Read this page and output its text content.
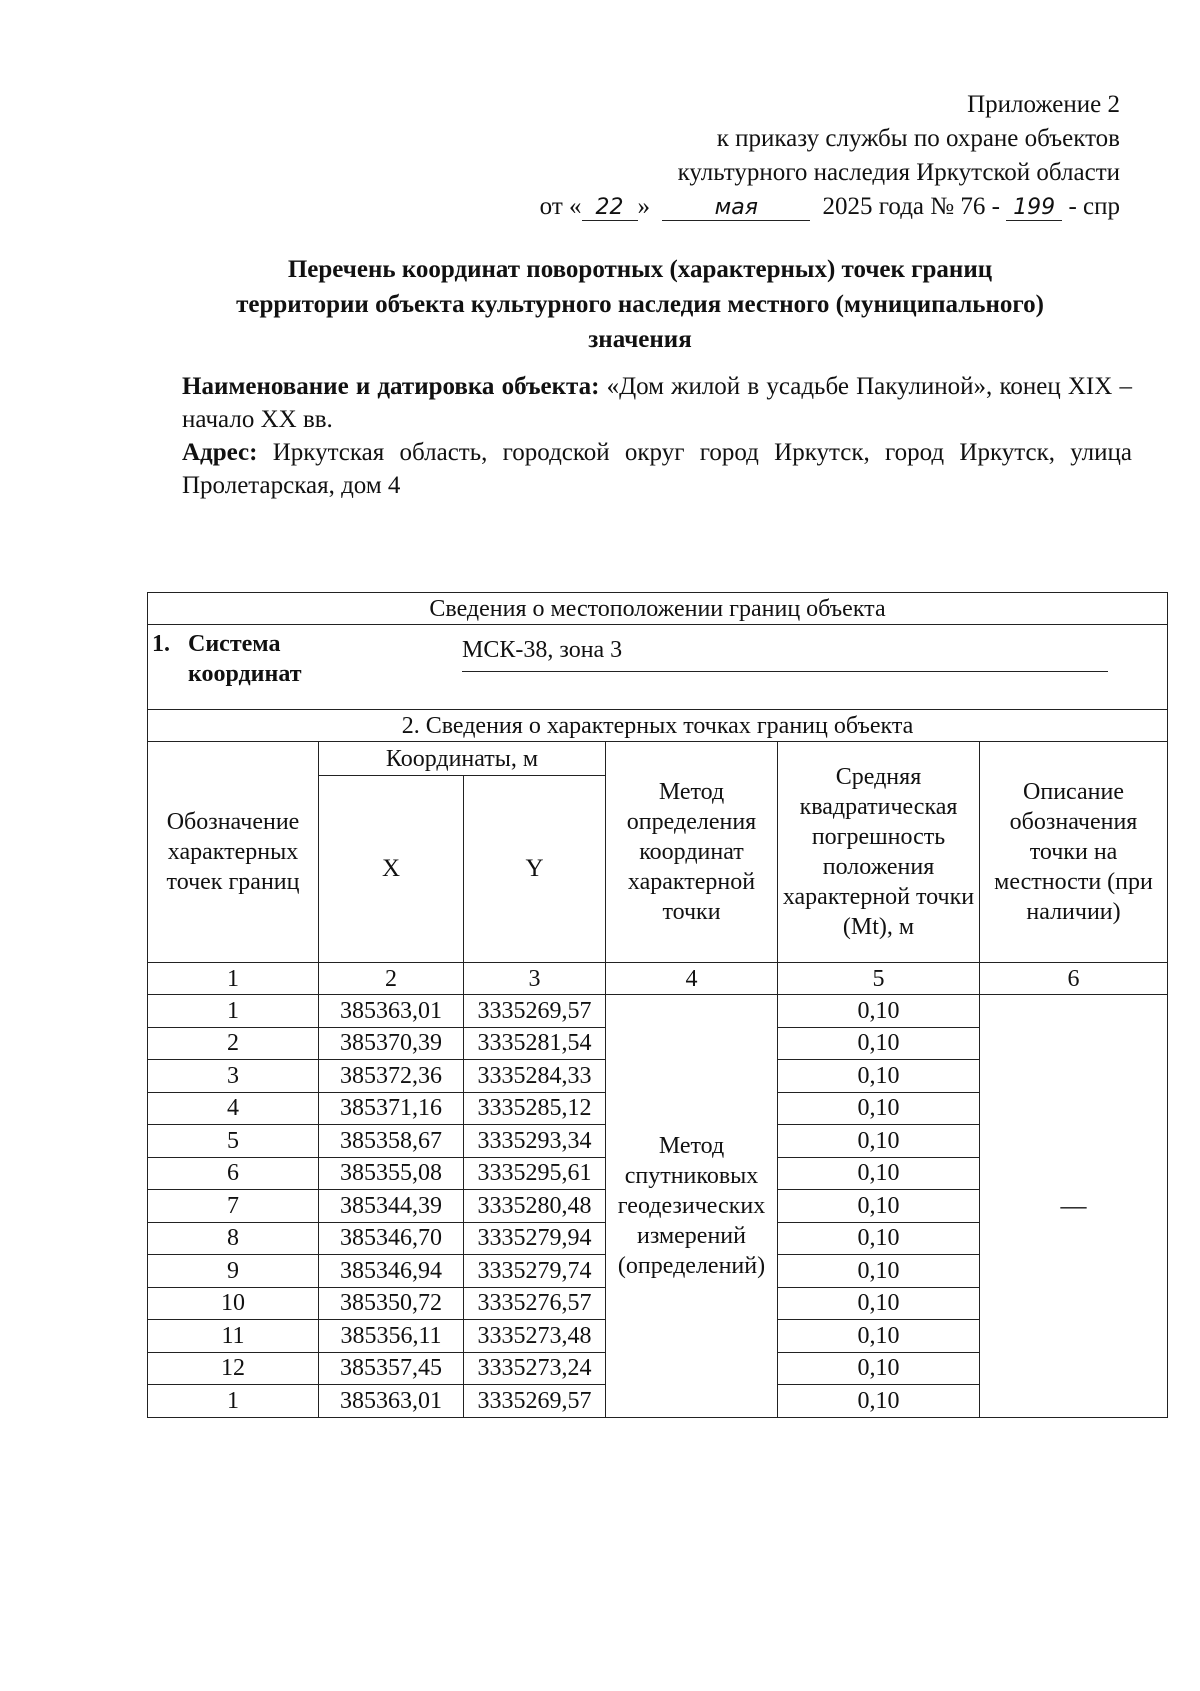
Приложение 2
к приказу службы по охране объектов
культурного наследия Иркутской области
от « 22 »	мая	2025 года № 76 - 199 - спр
Перечень координат поворотных (характерных) точек границ
территории объекта культурного наследия местного (муниципального)
значения

Наименование и датировка объекта: «Дом жилой в усадьбе Пакулиной», конец XIX – начало XX вв.

Адрес: Иркутская область, городской округ город Иркутск, город Иркутск, улица Пролетарская, дом 4

Сведения о местоположении границ объекта					

1. Система
координат
МСК-38, зона 3					

2. Сведения о характерных точках границ объекта					
Обозначение характерных точек границ	Координаты, м		Метод определения координат характерной точки	Средняя квадратическая погрешность положения характерной точки (Mt), м	Описание обозначения точки на местности (при наличии)
	X	Y			
1	2	3	4	5	6
1	385363,01	3335269,57	Метод спутниковых геодезических измерений (определений)	0,10	—
2	385370,39	3335281,54		0,10	
3	385372,36	3335284,33		0,10	
4	385371,16	3335285,12		0,10	
5	385358,67	3335293,34		0,10	
6	385355,08	3335295,61		0,10	
7	385344,39	3335280,48		0,10	
8	385346,70	3335279,94		0,10	
9	385346,94	3335279,74		0,10	
10	385350,72	3335276,57		0,10	
11	385356,11	3335273,48		0,10	
12	385357,45	3335273,24		0,10	
1	385363,01	3335269,57		0,10	
